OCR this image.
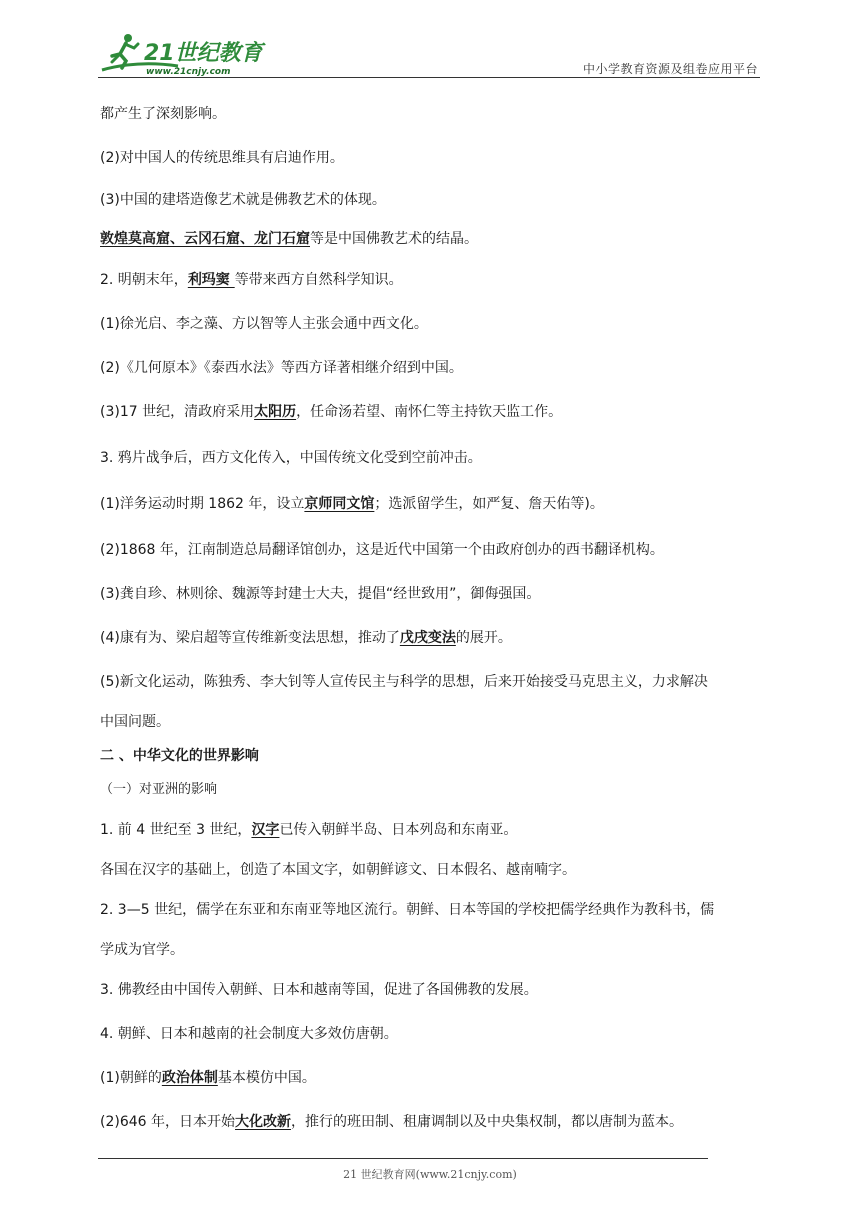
21世纪教育
www.21cnjy.com	中小学教育资源及组卷应用平台
都产生了深刻影响。
(2)对中国人的传统思维具有启迪作用。
(3)中国的建塔造像艺术就是佛教艺术的体现。
敦煌莫高窟、云冈石窟、龙门石窟等是中国佛教艺术的结晶。
2. 明朝末年，利玛窦 等带来西方自然科学知识。
(1)徐光启、李之藻、方以智等人主张会通中西文化。
(2)《几何原本》《泰西水法》等西方译著相继介绍到中国。
(3)17 世纪，清政府采用太阳历，任命汤若望、南怀仁等主持钦天监工作。
3. 鸦片战争后，西方文化传入，中国传统文化受到空前冲击。
(1)洋务运动时期 1862 年，设立京师同文馆；选派留学生，如严复、詹天佑等)。
(2)1868 年，江南制造总局翻译馆创办，这是近代中国第一个由政府创办的西书翻译机构。
(3)龚自珍、林则徐、魏源等封建士大夫，提倡“经世致用”，御侮强国。
(4)康有为、梁启超等宣传维新变法思想，推动了戊戌变法的展开。
(5)新文化运动，陈独秀、李大钊等人宣传民主与科学的思想，后来开始接受马克思主义，力求解决
中国问题。
二 、中华文化的世界影响
（一）对亚洲的影响
1. 前 4 世纪至 3 世纪，汉字已传入朝鲜半岛、日本列岛和东南亚。
各国在汉字的基础上，创造了本国文字，如朝鲜谚文、日本假名、越南喃字。
2. 3—5 世纪，儒学在东亚和东南亚等地区流行。朝鲜、日本等国的学校把儒学经典作为教科书，儒
学成为官学。
3. 佛教经由中国传入朝鲜、日本和越南等国，促进了各国佛教的发展。
4. 朝鲜、日本和越南的社会制度大多效仿唐朝。
(1)朝鲜的政治体制基本模仿中国。
(2)646 年，日本开始大化改新，推行的班田制、租庸调制以及中央集权制，都以唐制为蓝本。
21 世纪教育网(www.21cnjy.com)
